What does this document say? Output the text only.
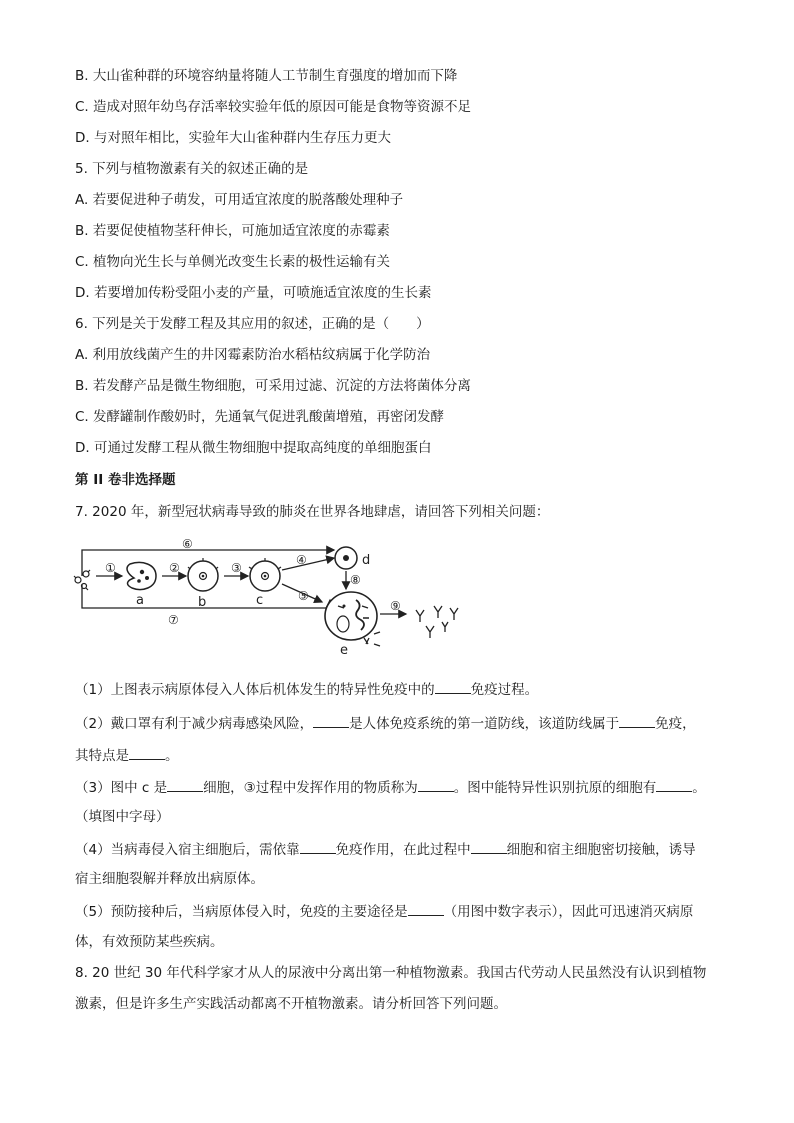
B. 大山雀种群的环境容纳量将随人工节制生育强度的增加而下降
C. 造成对照年幼鸟存活率较实验年低的原因可能是食物等资源不足
D. 与对照年相比，实验年大山雀种群内生存压力更大
5. 下列与植物激素有关的叙述正确的是
A. 若要促进种子萌发，可用适宜浓度的脱落酸处理种子
B. 若要促使植物茎秆伸长，可施加适宜浓度的赤霉素
C. 植物向光生长与单侧光改变生长素的极性运输有关
D. 若要增加传粉受阻小麦的产量，可喷施适宜浓度的生长素
6. 下列是关于发酵工程及其应用的叙述，正确的是（　　）
A. 利用放线菌产生的井冈霉素防治水稻枯纹病属于化学防治
B. 若发酵产品是微生物细胞，可采用过滤、沉淀的方法将菌体分离
C. 发酵罐制作酸奶时，先通氧气促进乳酸菌增殖，再密闭发酵
D. 可通过发酵工程从微生物细胞中提取高纯度的单细胞蛋白
第 II 卷非选择题
7. 2020 年，新型冠状病毒导致的肺炎在世界各地肆虐，请回答下列相关问题：
⑥
①	②	③
④
⑤
⑧
⑨
⑦
a	b	c
d
e
（1）上图表示病原体侵入人体后机体发生的特异性免疫中的	免疫过程。
（2）戴口罩有利于减少病毒感染风险，	是人体免疫系统的第一道防线，该道防线属于	免疫，
其特点是	。
（3）图中 c 是	细胞，③过程中发挥作用的物质称为	。图中能特异性识别抗原的细胞有	。
（填图中字母）
（4）当病毒侵入宿主细胞后，需依靠	免疫作用，在此过程中	细胞和宿主细胞密切接触，诱导
宿主细胞裂解并释放出病原体。
（5）预防接种后，当病原体侵入时，免疫的主要途径是	（用图中数字表示），因此可迅速消灭病原
体，有效预防某些疾病。
8. 20 世纪 30 年代科学家才从人的尿液中分离出第一种植物激素。我国古代劳动人民虽然没有认识到植物
激素，但是许多生产实践活动都离不开植物激素。请分析回答下列问题。
